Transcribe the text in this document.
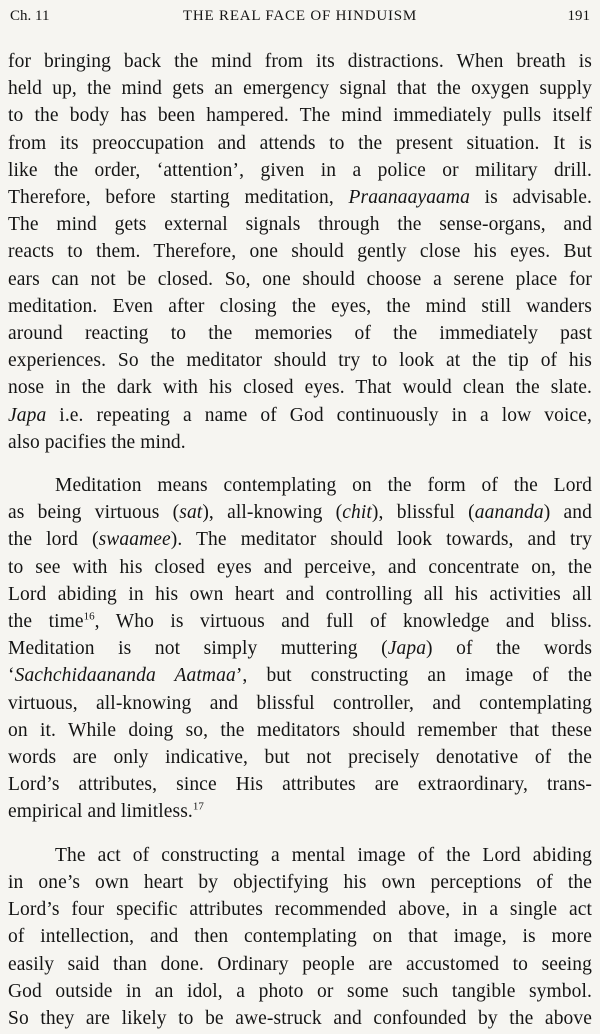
Ch. 11	THE REAL FACE OF HINDUISM	191
for bringing back the mind from its distractions. When breath is
held up, the mind gets an emergency signal that the oxygen supply
to the body has been hampered. The mind immediately pulls itself
from its preoccupation and attends to the present situation. It is
like the order, ‘attention’, given in a police or military drill.
Therefore, before starting meditation, Praanaayaama is advisable.
The mind gets external signals through the sense-organs, and
reacts to them. Therefore, one should gently close his eyes. But
ears can not be closed. So, one should choose a serene place for
meditation. Even after closing the eyes, the mind still wanders
around reacting to the memories of the immediately past
experiences. So the meditator should try to look at the tip of his
nose in the dark with his closed eyes. That would clean the slate.
Japa i.e. repeating a name of God continuously in a low voice,
also pacifies the mind.
Meditation means contemplating on the form of the Lord
as being virtuous (sat), all-knowing (chit), blissful (aananda) and
the lord (swaamee). The meditator should look towards, and try
to see with his closed eyes and perceive, and concentrate on, the
Lord abiding in his own heart and controlling all his activities all
the time$^{16}$, Who is virtuous and full of knowledge and bliss.
Meditation is not simply muttering (Japa) of the words
‘Sachchidaananda Aatmaa’, but constructing an image of the
virtuous, all-knowing and blissful controller, and contemplating
on it. While doing so, the meditators should remember that these
words are only indicative, but not precisely denotative of the
Lord’s attributes, since His attributes are extraordinary, trans-
empirical and limitless.$^{17}$
The act of constructing a mental image of the Lord abiding
in one’s own heart by objectifying his own perceptions of the
Lord’s four specific attributes recommended above, in a single act
of intellection, and then contemplating on that image, is more
easily said than done. Ordinary people are accustomed to seeing
God outside in an idol, a photo or some such tangible symbol.
So they are likely to be awe-struck and confounded by the above
